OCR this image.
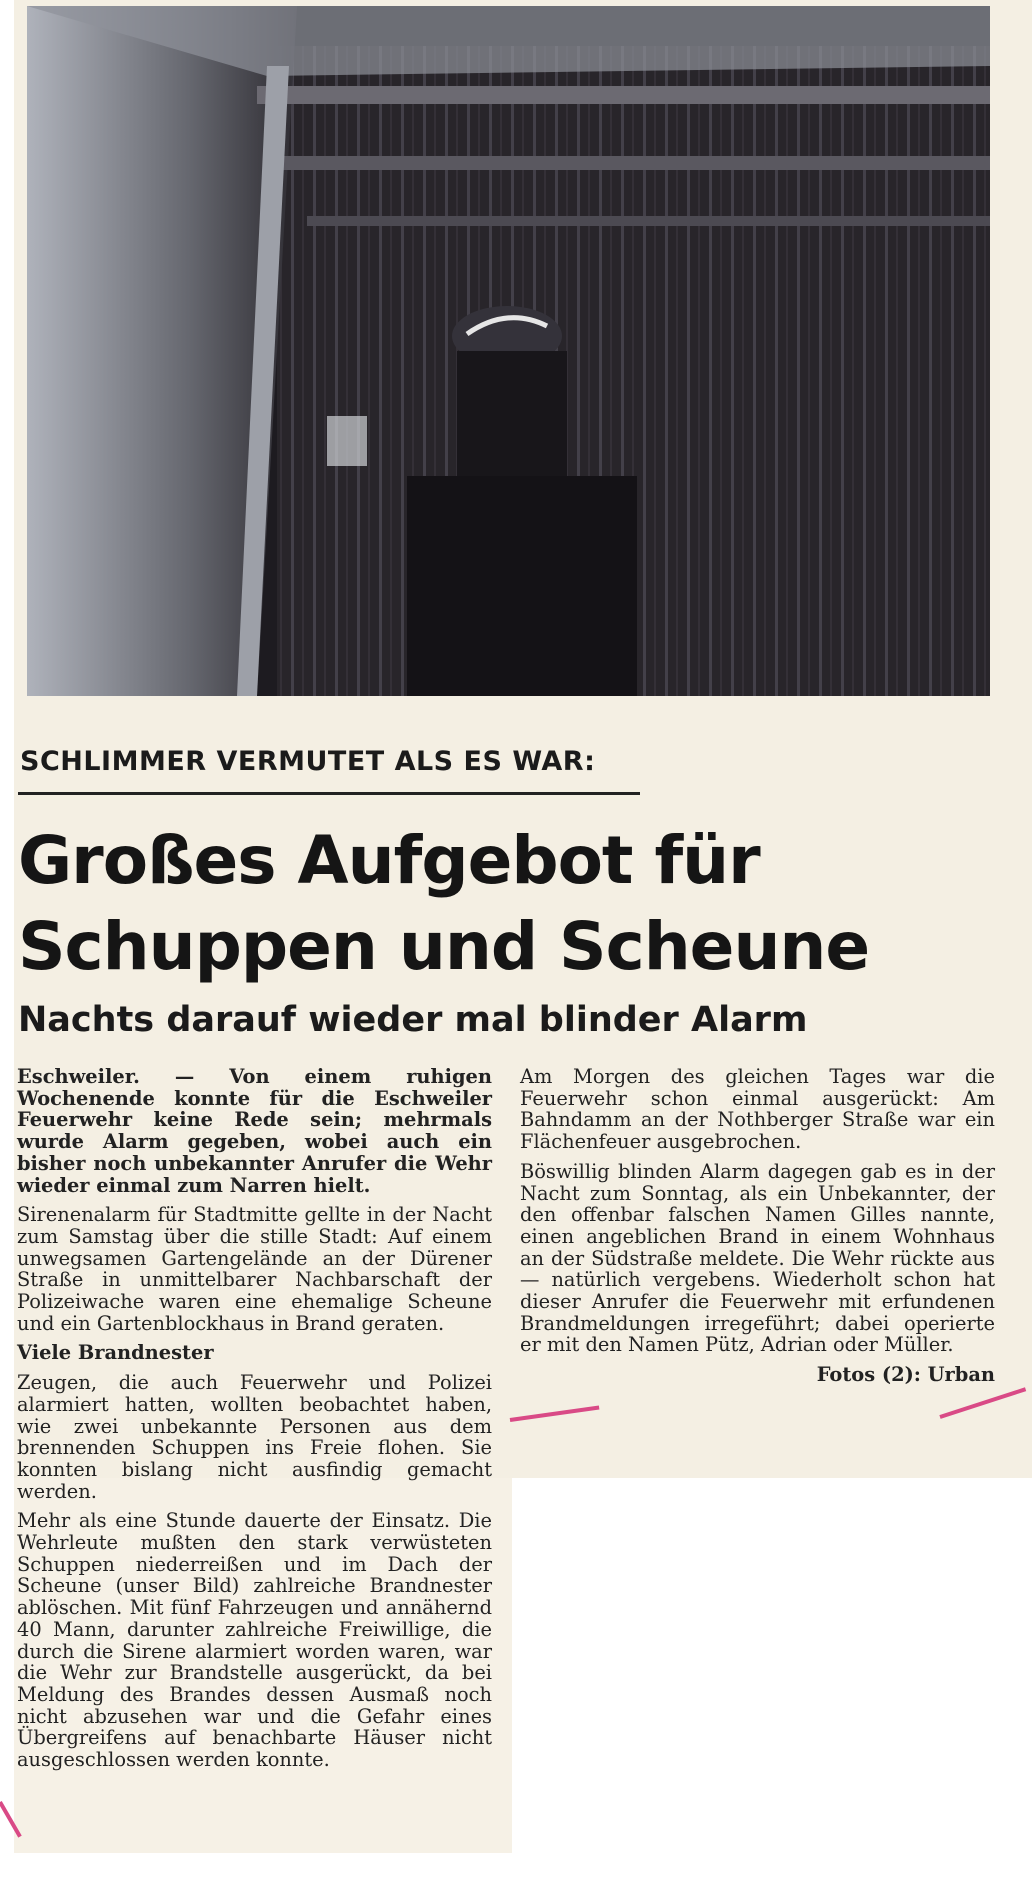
SCHLIMMER VERMUTET ALS ES WAR:
Großes Aufgebot für
Schuppen und Scheune
Nachts darauf wieder mal blinder Alarm

Eschweiler. — Von einem ruhigen Wochenende konnte für die Eschweiler Feuerwehr keine Rede sein; mehrmals wurde Alarm gegeben, wobei auch ein bisher noch unbekannter Anrufer die Wehr wieder einmal zum Narren hielt.

Sirenenalarm für Stadtmitte gellte in der Nacht zum Samstag über die stille Stadt: Auf einem unwegsamen Gartengelände an der Dürener Straße in unmittelbarer Nachbarschaft der Polizeiwache waren eine ehemalige Scheune und ein Gartenblockhaus in Brand geraten.

Viele Brandnester

Zeugen, die auch Feuerwehr und Polizei alarmiert hatten, wollten beobachtet haben, wie zwei unbekannte Personen aus dem brennenden Schuppen ins Freie flohen. Sie konnten bislang nicht ausfindig gemacht werden.

Mehr als eine Stunde dauerte der Einsatz. Die Wehrleute mußten den stark verwüsteten Schuppen niederreißen und im Dach der Scheune (unser Bild) zahlreiche Brandnester ablöschen. Mit fünf Fahrzeugen und annähernd 40 Mann, darunter zahlreiche Freiwillige, die durch die Sirene alarmiert worden waren, war die Wehr zur Brandstelle ausgerückt, da bei Meldung des Brandes dessen Ausmaß noch nicht abzusehen war und die Gefahr eines Übergreifens auf benachbarte Häuser nicht ausgeschlossen werden konnte.

Am Morgen des gleichen Tages war die Feuerwehr schon einmal ausgerückt: Am Bahndamm an der Nothberger Straße war ein Flächenfeuer ausgebrochen.

Böswillig blinden Alarm dagegen gab es in der Nacht zum Sonntag, als ein Unbekannter, der den offenbar falschen Namen Gilles nannte, einen angeblichen Brand in einem Wohnhaus an der Südstraße meldete. Die Wehr rückte aus — natürlich vergebens. Wiederholt schon hat dieser Anrufer die Feuerwehr mit erfundenen Brandmeldungen irregeführt; dabei operierte er mit den Namen Pütz, Adrian oder Müller.

Fotos (2): Urban
